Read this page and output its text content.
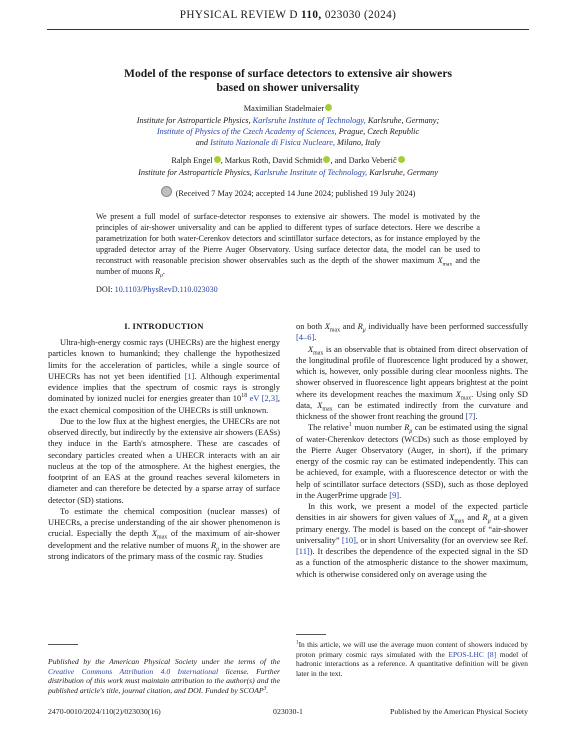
PHYSICAL REVIEW D 110, 023030 (2024)
Model of the response of surface detectors to extensive air showers
based on shower universality
Maximilian Stadelmaier
Institute for Astroparticle Physics, Karlsruhe Institute of Technology, Karlsruhe, Germany;
Institute of Physics of the Czech Academy of Sciences, Prague, Czech Republic
and Istituto Nazionale di Fisica Nucleare, Milano, Italy
Ralph Engel , Markus Roth, David Schmidt , and Darko Veberič
Institute for Astroparticle Physics, Karlsruhe Institute of Technology, Karlsruhe, Germany
(Received 7 May 2024; accepted 14 June 2024; published 19 July 2024)
We present a full model of surface-detector responses to extensive air showers. The model is motivated by the principles of air-shower universality and can be applied to different types of surface detectors. Here we describe a parametrization for both water-Cerenkov detectors and scintillator surface detectors, as for instance employed by the upgraded detector array of the Pierre Auger Observatory. Using surface detector data, the model can be used to reconstruct with reasonable precision shower observables such as the depth of the shower maximum $X_{max}$ and the number of muons $R_\mu$.
DOI: 10.1103/PhysRevD.110.023030
I. INTRODUCTION

Ultra-high-energy cosmic rays (UHECRs) are the highest energy particles known to humankind; they challenge the hypothesized limits for the acceleration of particles, while a single source of UHECRs has not yet been identified [1]. Although experimental evidence implies that the spectrum of cosmic rays is strongly dominated by ionized nuclei for energies greater than $10^{18}$ eV [2,3], the exact chemical composition of the UHECRs is still unknown.

Due to the low flux at the highest energies, the UHECRs are not observed directly, but indirectly by the extensive air showers (EASs) they induce in the Earth's atmosphere. These are cascades of secondary particles created when a UHECR interacts with an air nucleus at the top of the atmosphere. At the highest energies, the footprint of an EAS at the ground reaches several kilometers in diameter and can therefore be detected by a sparse array of surface detector (SD) stations.

To estimate the chemical composition (nuclear masses) of UHECRs, a precise understanding of the air shower phenomenon is crucial. Especially the depth $X_{max}$ of the maximum of air-shower development and the relative number of muons $R_\mu$ in the shower are strong indicators of the primary mass of the cosmic ray. Studies

Published by the American Physical Society under the terms of the Creative Commons Attribution 4.0 International license. Further distribution of this work must maintain attribution to the author(s) and the published article's title, journal citation, and DOI. Funded by SCOAP$^3$.

on both $X_{max}$ and $R_\mu$ individually have been performed successfully [4–6].

$X_{max}$ is an observable that is obtained from direct observation of the longitudinal profile of fluorescence light produced by a shower, which is, however, only possible during clear moonless nights. The shower observed in fluorescence light appears brightest at the point where its development reaches the maximum $X_{max}$. Using only SD data, $X_{max}$ can be estimated indirectly from the curvature and thickness of the shower front reaching the ground [7].

The relative$^1$ muon number $R_\mu$ can be estimated using the signal of water-Cherenkov detectors (WCDs) such as those employed by the Pierre Auger Observatory (Auger, in short), if the primary energy of the cosmic ray can be estimated independently. This can be achieved, for example, with a fluorescence detector or with the help of scintillator surface detectors (SSD), such as those deployed in the AugerPrime upgrade [9].

In this work, we present a model of the expected particle densities in air showers for given values of $X_{max}$ and $R_\mu$ at a given primary energy. The model is based on the concept of “air-shower universality” [10], or in short Universality (for an overview see Ref. [11]). It describes the dependence of the expected signal in the SD as a function of the atmospheric distance to the shower maximum, which is otherwise considered only on average using the

$^1$In this article, we will use the average muon content of showers induced by proton primary cosmic rays simulated with the EPOS-LHC [8] model of hadronic interactions as a reference. A quantitative definition will be given later in the text.
2470-0010/2024/110(2)/023030(16)	023030-1	Published by the American Physical Society
